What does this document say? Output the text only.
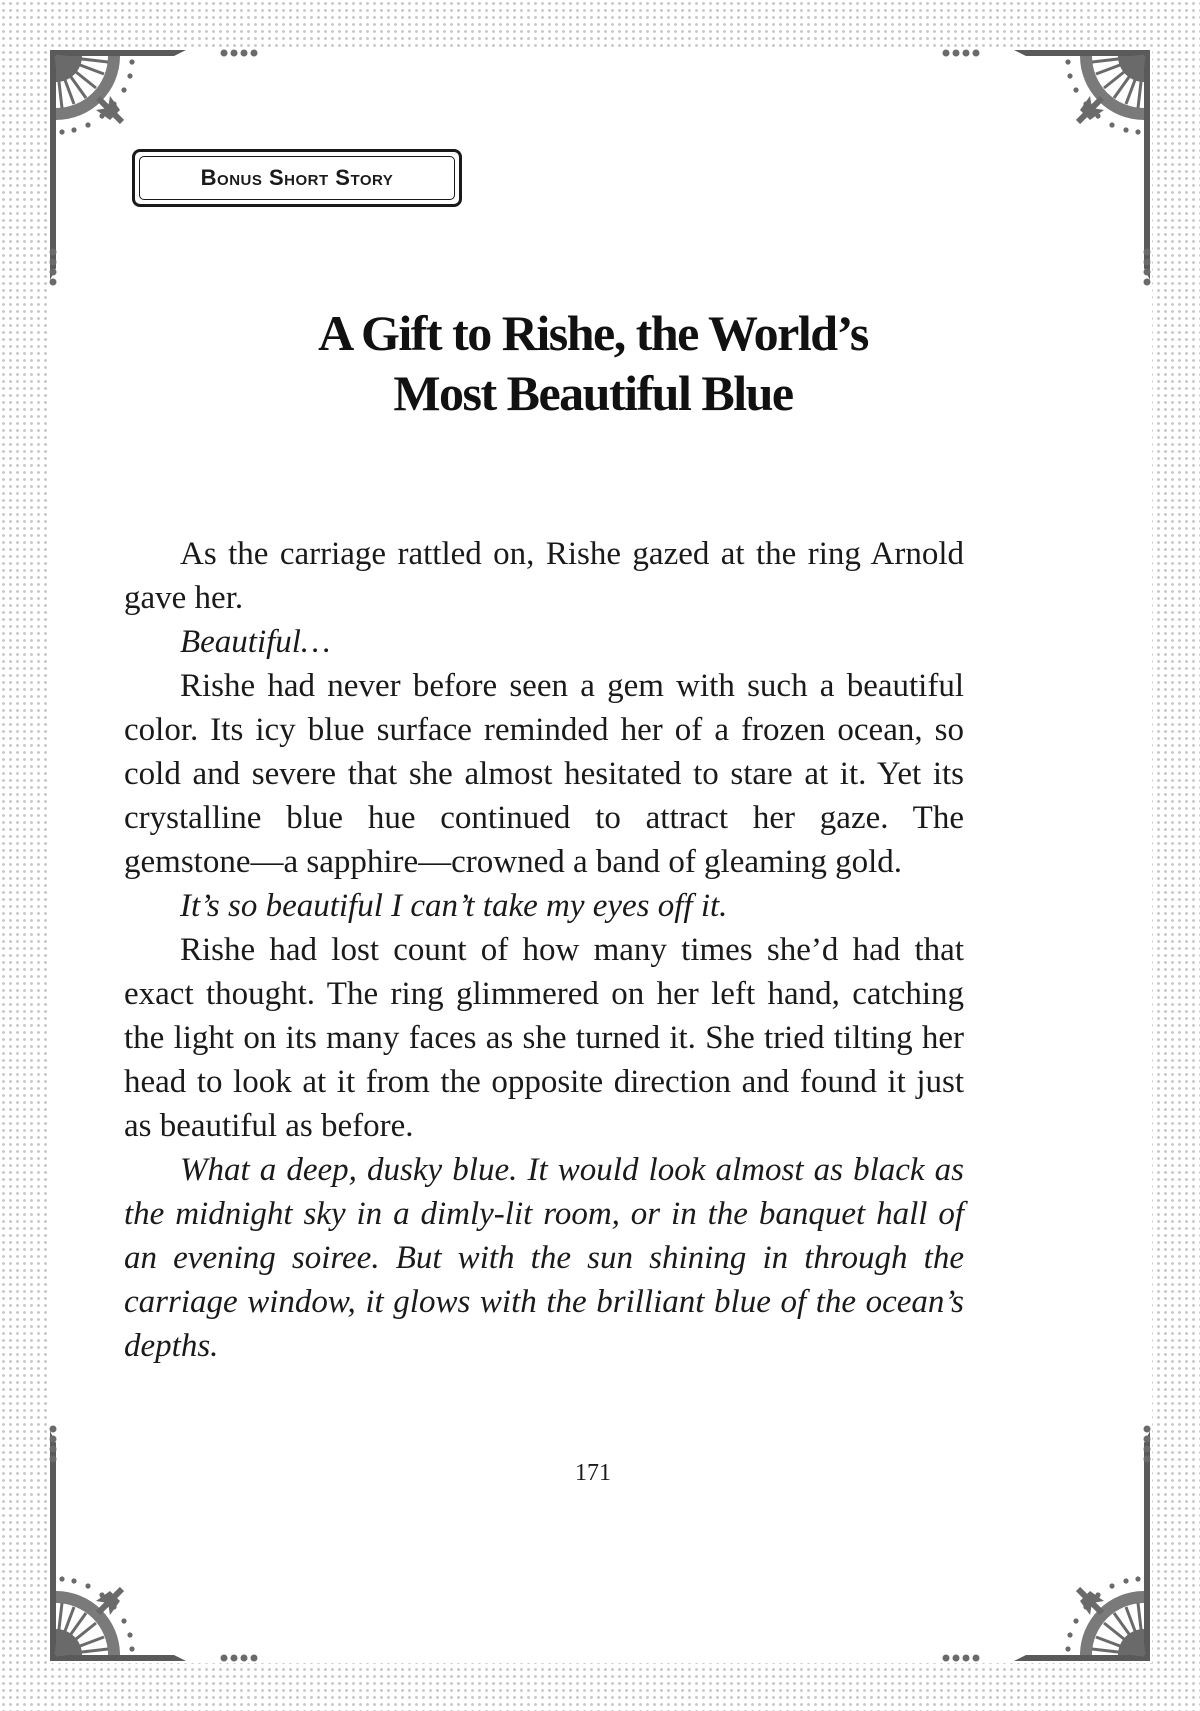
Bonus Short Story
A Gift to Rishe, the World’s
Most Beautiful Blue

As the carriage rattled on, Rishe gazed at the ring Arnold gave her.

Beautiful…

Rishe had never before seen a gem with such a beautiful color. Its icy blue surface reminded her of a frozen ocean, so cold and severe that she almost hesitated to stare at it. Yet its crystalline blue hue continued to attract her gaze. The gemstone—a sapphire—crowned a band of gleaming gold.

It’s so beautiful I can’t take my eyes off it.

Rishe had lost count of how many times she’d had that exact thought. The ring glimmered on her left hand, catching the light on its many faces as she turned it. She tried tilting her head to look at it from the opposite direction and found it just as beautiful as before.

What a deep, dusky blue. It would look almost as black as the midnight sky in a dimly-lit room, or in the banquet hall of an evening soiree. But with the sun shining in through the carriage window, it glows with the brilliant blue of the ocean’s depths.

171
